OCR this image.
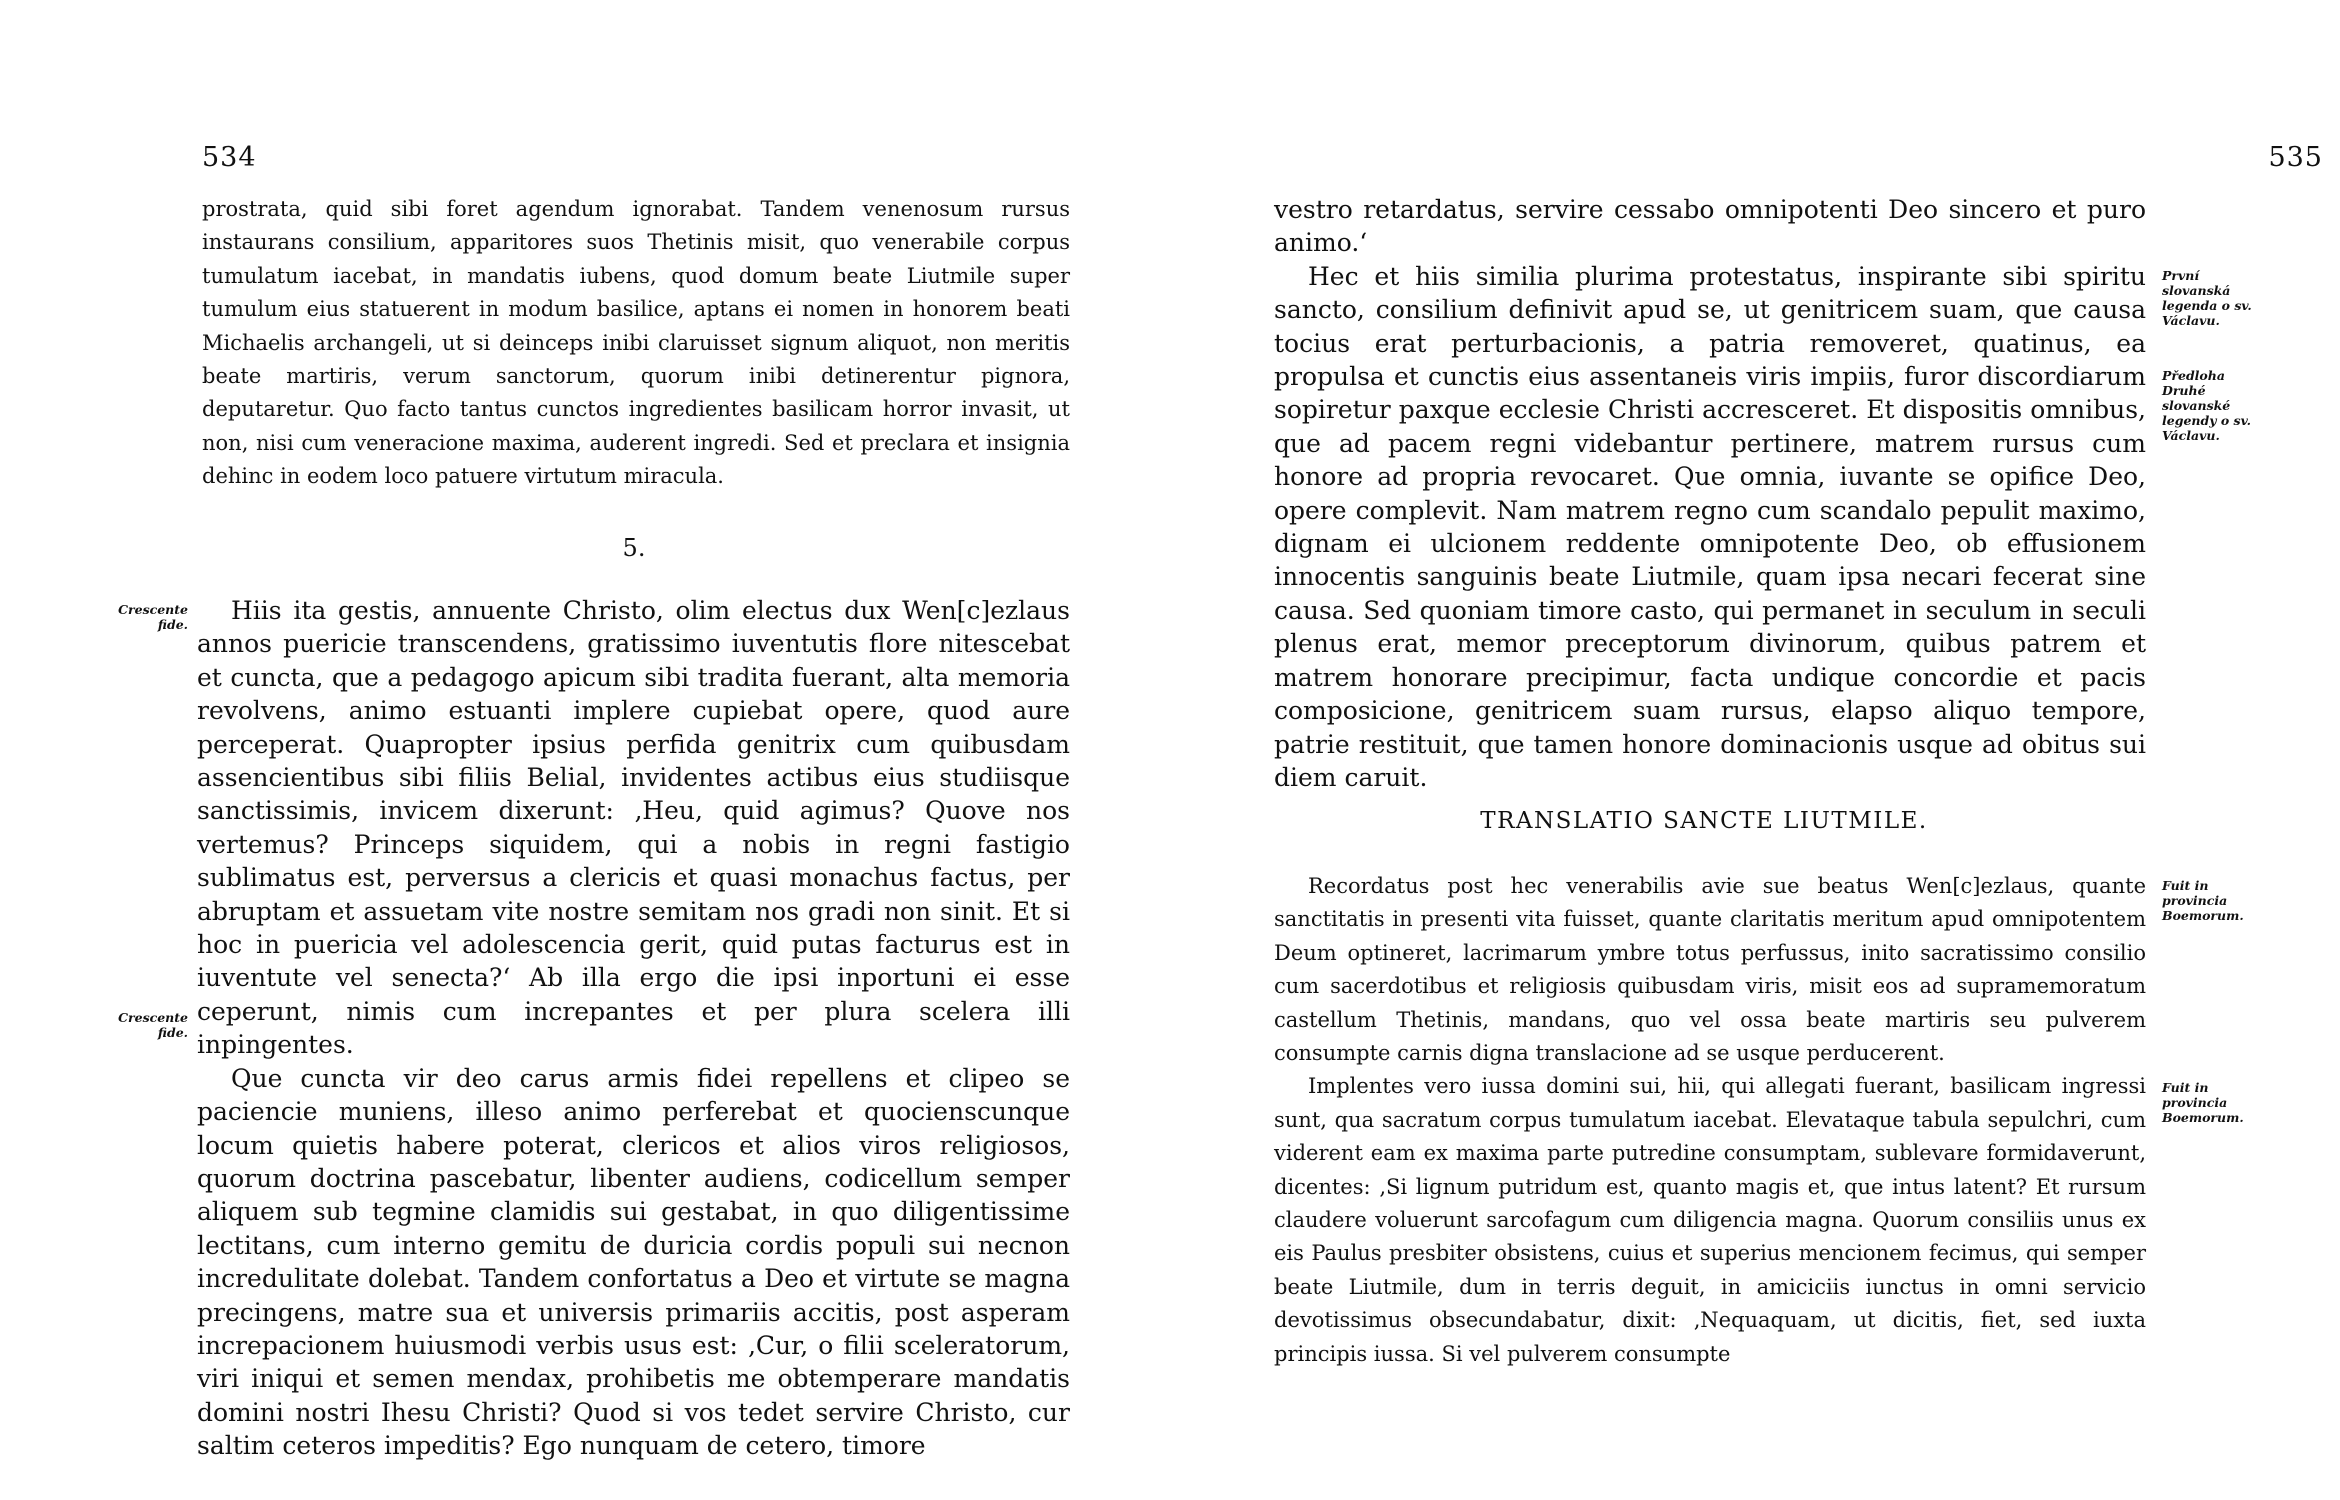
534

prostrata, quid sibi foret agendum ignorabat. Tandem venenosum rursus instaurans consilium, apparitores suos Thetinis misit, quo venerabile corpus tumulatum iacebat, in mandatis iubens, quod domum beate Liutmile super tumulum eius statuerent in modum basilice, aptans ei nomen in honorem beati Michaelis archangeli, ut si deinceps inibi claruisset signum aliquot, non meritis beate martiris, verum sanctorum, quorum inibi detinerentur pignora, deputaretur. Quo facto tantus cunctos ingredientes basilicam horror invasit, ut non, nisi cum veneracione maxima, auderent ingredi. Sed et preclara et insignia dehinc in eodem loco patuere virtutum miracula.

5.
Crescente fide.
Crescente fide.

Hiis ita gestis, annuente Christo, olim electus dux Wen[c]ezlaus annos puericie transcendens, gratissimo iuventutis flore nitescebat et cuncta, que a pedagogo apicum sibi tradita fuerant, alta memoria revolvens, animo estuanti implere cupiebat opere, quod aure perceperat. Quapropter ipsius perfida genitrix cum quibusdam assencientibus sibi filiis Belial, invidentes actibus eius studiisque sanctissimis, invicem dixerunt: ‚Heu, quid agimus? Quove nos vertemus? Princeps siquidem, qui a nobis in regni fastigio sublimatus est, perversus a clericis et quasi monachus factus, per abruptam et assuetam vite nostre semitam nos gradi non sinit. Et si hoc in puericia vel adolescencia gerit, quid putas facturus est in iuventute vel senecta?‘ Ab illa ergo die ipsi inportuni ei esse ceperunt, nimis cum increpantes et per plura scelera illi inpingentes.

Que cuncta vir deo carus armis fidei repellens et clipeo se paciencie muniens, illeso animo perferebat et quocienscunque locum quietis habere poterat, clericos et alios viros religiosos, quorum doctrina pascebatur, libenter audiens, codicellum semper aliquem sub tegmine clamidis sui gestabat, in quo diligentissime lectitans, cum interno gemitu de duricia cordis populi sui necnon incredulitate dolebat. Tandem confortatus a Deo et virtute se magna precingens, matre sua et universis primariis accitis, post asperam increpacionem huiusmodi verbis usus est: ‚Cur, o filii sceleratorum, viri iniqui et semen mendax, prohibetis me obtemperare mandatis domini nostri Ihesu Christi? Quod si vos tedet servire Christo, cur saltim ceteros impeditis? Ego nunquam de cetero, timore

535

vestro retardatus, servire cessabo omnipotenti Deo sincero et puro animo.‘

Hec et hiis similia plurima protestatus, inspirante sibi spiritu sancto, consilium definivit apud se, ut genitricem suam, que causa tocius erat perturbacionis, a patria removeret, quatinus, ea propulsa et cunctis eius assentaneis viris impiis, furor discordiarum sopiretur paxque ecclesie Christi accresceret. Et dispositis omnibus, que ad pacem regni videbantur pertinere, matrem rursus cum honore ad propria revocaret. Que omnia, iuvante se opifice Deo, opere complevit. Nam matrem regno cum scandalo pepulit maximo, dignam ei ulcionem reddente omnipotente Deo, ob effusionem innocentis sanguinis beate Liutmile, quam ipsa necari fecerat sine causa. Sed quoniam timore casto, qui permanet in seculum in seculi plenus erat, memor preceptorum divinorum, quibus patrem et matrem honorare precipimur, facta undique concordie et pacis composicione, genitricem suam rursus, elapso aliquo tempore, patrie restituit, que tamen honore dominacionis usque ad obitus sui diem caruit.

První slovanská legenda o sv. Václavu.
Předloha Druhé slovanské legendy o sv. Václavu.
TRANSLATIO SANCTE LIUTMILE.

Recordatus post hec venerabilis avie sue beatus Wen[c]ezlaus, quante sanctitatis in presenti vita fuisset, quante claritatis meritum apud omnipotentem Deum optineret, lacrimarum ymbre totus perfussus, inito sacratissimo consilio cum sacerdotibus et religiosis quibusdam viris, misit eos ad supramemoratum castellum Thetinis, mandans, quo vel ossa beate martiris seu pulverem consumpte carnis digna translacione ad se usque perducerent.

Implentes vero iussa domini sui, hii, qui allegati fuerant, basilicam ingressi sunt, qua sacratum corpus tumulatum iacebat. Elevataque tabula sepulchri, cum viderent eam ex maxima parte putredine consumptam, sublevare formidaverunt, dicentes: ‚Si lignum putridum est, quanto magis et, que intus latent? Et rursum claudere voluerunt sarcofagum cum diligencia magna. Quorum consiliis unus ex eis Paulus presbiter obsistens, cuius et superius mencionem fecimus, qui semper beate Liutmile, dum in terris deguit, in amiciciis iunctus in omni servicio devotissimus obsecundabatur, dixit: ‚Nequaquam, ut dicitis, fiet, sed iuxta principis iussa. Si vel pulverem consumpte

Fuit in provincia Boemorum.
Fuit in provincia Boemorum.
